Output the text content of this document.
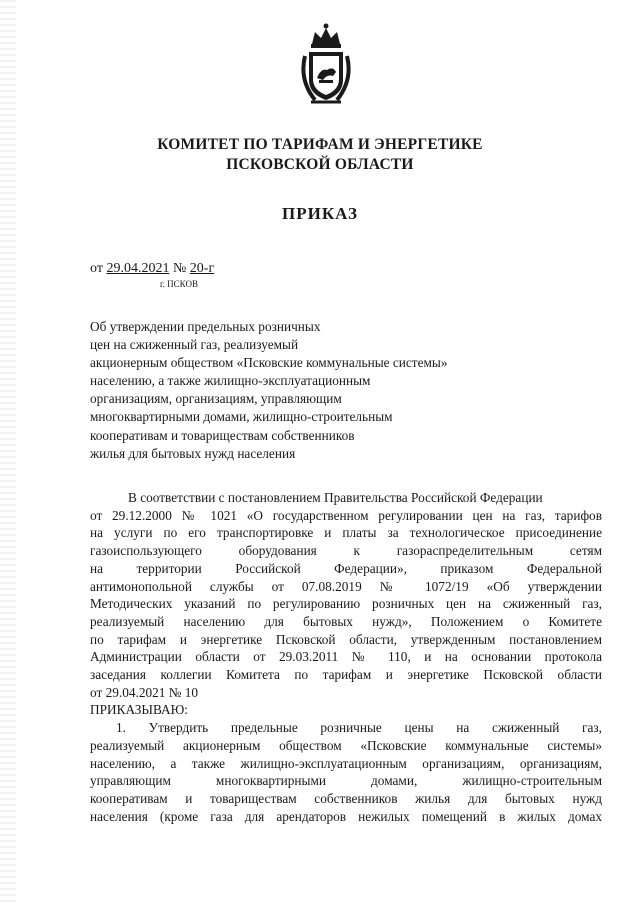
КОМИТЕТ ПО ТАРИФАМ И ЭНЕРГЕТИКЕ
ПСКОВСКОЙ ОБЛАСТИ
ПРИКАЗ
от 29.04.2021 № 20-г
г. ПСКОВ
Об утверждении предельных розничных
цен на сжиженный газ, реализуемый
акционерным обществом «Псковские коммунальные системы»
населению, а также жилищно-эксплуатационным
организациям, организациям, управляющим
многоквартирными домами, жилищно-строительным
кооперативам и товариществам собственников
жилья для бытовых нужд населения
В соответствии с постановлением Правительства Российской Федерации
от 29.12.2000 № 1021 «О государственном регулировании цен на газ, тарифов
на услуги по его транспортировке и платы за технологическое присоединение
газоиспользующего оборудования к газораспределительным сетям
на территории Российской Федерации», приказом Федеральной
антимонопольной службы от 07.08.2019 № 1072/19 «Об утверждении
Методических указаний по регулированию розничных цен на сжиженный газ,
реализуемый населению для бытовых нужд», Положением о Комитете
по тарифам и энергетике Псковской области, утвержденным постановлением
Администрации области от 29.03.2011 № 110, и на основании протокола
заседания коллегии Комитета по тарифам и энергетике Псковской области
от 29.04.2021 № 10
ПРИКАЗЫВАЮ:
1. Утвердить предельные розничные цены на сжиженный газ,
реализуемый акционерным обществом «Псковские коммунальные системы»
населению, а также жилищно-эксплуатационным организациям, организациям,
управляющим многоквартирными домами, жилищно-строительным
кооперативам и товариществам собственников жилья для бытовых нужд
населения (кроме газа для арендаторов нежилых помещений в жилых домах
